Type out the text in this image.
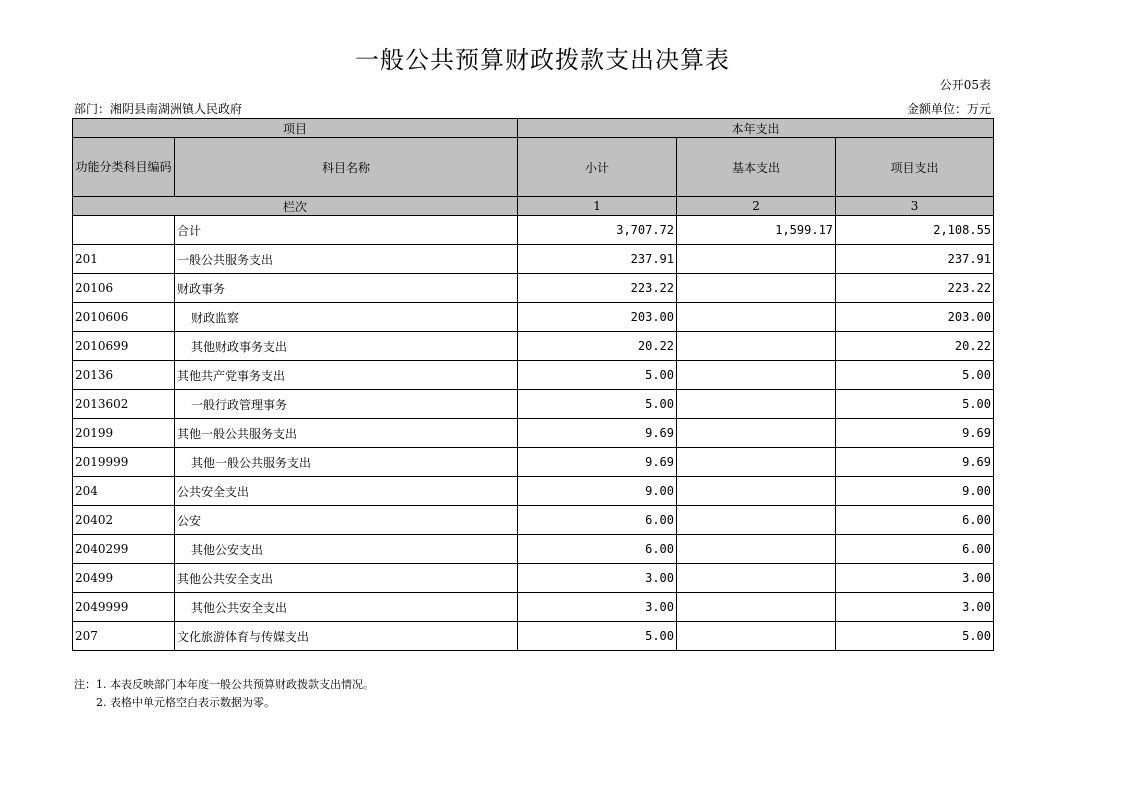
一般公共预算财政拨款支出决算表
公开05表
部门：湘阴县南湖洲镇人民政府	金额单位：万元
项目		本年支出		
功能分类科目编码	科目名称	小计	基本支出	项目支出
栏次		1	2	3
	合计	3,707.72	1,599.17	2,108.55
201	一般公共服务支出	237.91		237.91
20106	财政事务	223.22		223.22
2010606	财政监察	203.00		203.00
2010699	其他财政事务支出	20.22		20.22
20136	其他共产党事务支出	5.00		5.00
2013602	一般行政管理事务	5.00		5.00
20199	其他一般公共服务支出	9.69		9.69
2019999	其他一般公共服务支出	9.69		9.69
204	公共安全支出	9.00		9.00
20402	公安	6.00		6.00
2040299	其他公安支出	6.00		6.00
20499	其他公共安全支出	3.00		3.00
2049999	其他公共安全支出	3.00		3.00
207	文化旅游体育与传媒支出	5.00		5.00
注：1. 本表反映部门本年度一般公共预算财政拨款支出情况。
2. 表格中单元格空白表示数据为零。
